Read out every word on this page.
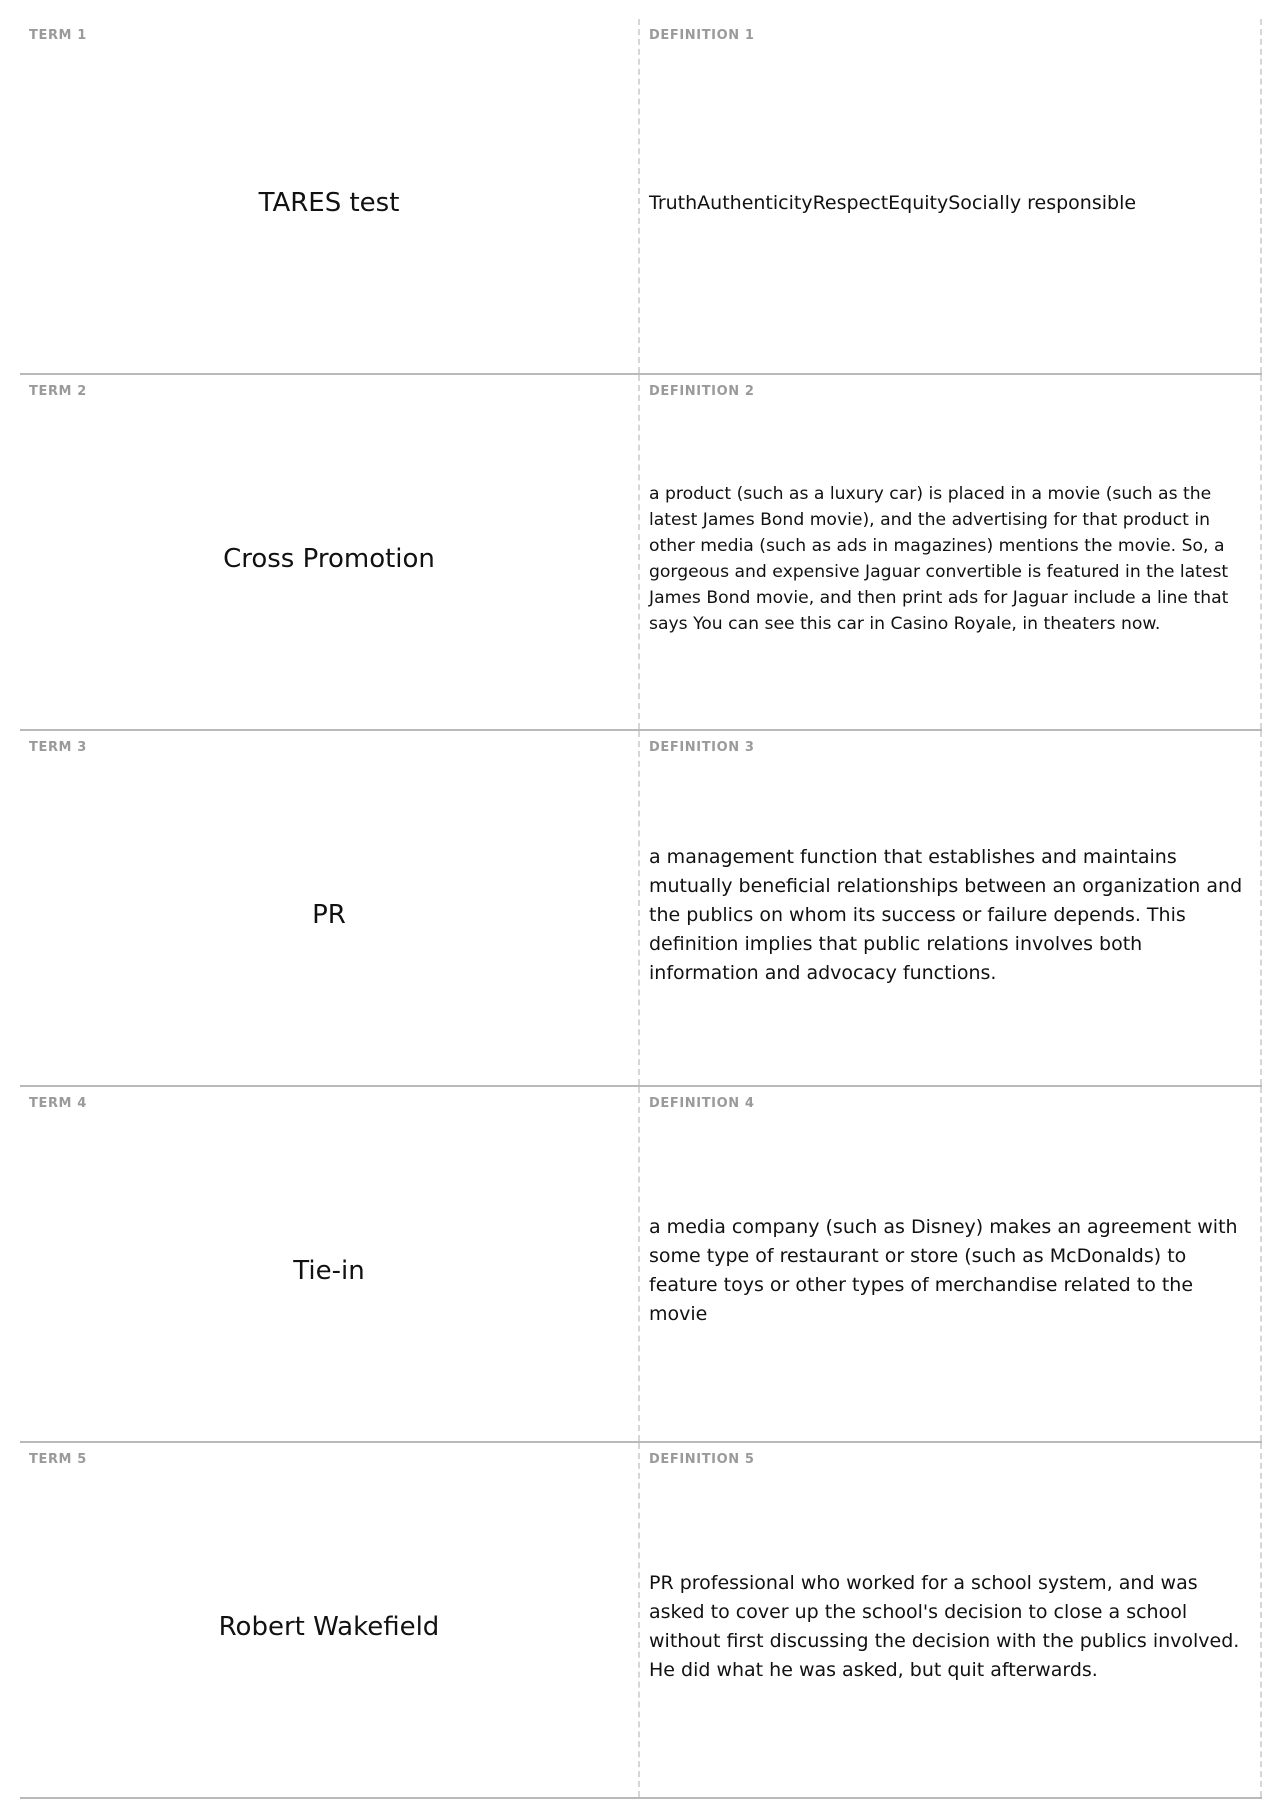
TERM 1
TARES test
DEFINITION 1
TruthAuthenticityRespectEquitySocially responsible
TERM 2
Cross Promotion
DEFINITION 2
a product (such as a luxury car) is placed in a movie (such as the latest James Bond movie), and the advertising for that product in other media (such as ads in magazines) mentions the movie. So, a gorgeous and expensive Jaguar convertible is featured in the latest James Bond movie, and then print ads for Jaguar include a line that says You can see this car in Casino Royale, in theaters now.
TERM 3
PR
DEFINITION 3
a management function that establishes and maintains mutually beneficial relationships between an organization and the publics on whom its success or failure depends. This definition implies that public relations involves both information and advocacy functions.
TERM 4
Tie-in
DEFINITION 4
a media company (such as Disney) makes an agreement with some type of restaurant or store (such as McDonalds) to feature toys or other types of merchandise related to the movie
TERM 5
Robert Wakefield
DEFINITION 5
PR professional who worked for a school system, and was asked to cover up the school's decision to close a school without first discussing the decision with the publics involved. He did what he was asked, but quit afterwards.
